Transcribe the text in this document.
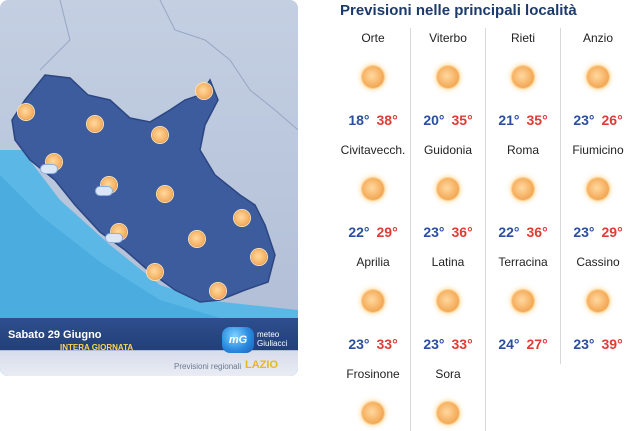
Sabato 29 Giugno
INTERA GIORNATA
mG	meteo Giuliacci
Previsioni regionali LAZIO
Previsioni nelle principali località
Orte
18° 38°
Viterbo
20° 35°
Rieti
21° 35°
Anzio
23° 26°
Civitavecch.
22° 29°
Guidonia
23° 36°
Roma
22° 36°
Fiumicino
23° 29°
Aprilia
23° 33°
Latina
23° 33°
Terracina
24° 27°
Cassino
23° 39°
Frosinone	Sora
